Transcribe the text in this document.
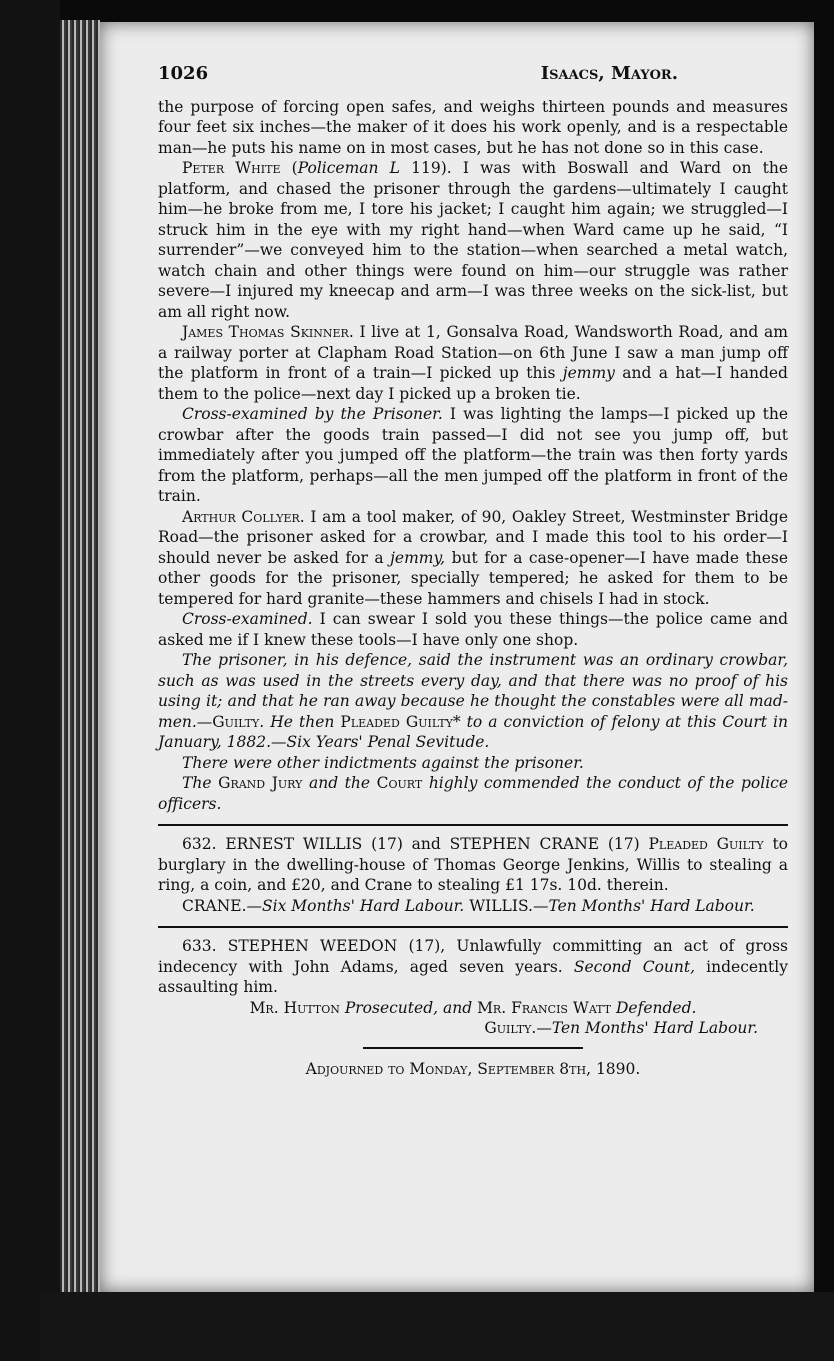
1026	Isaacs, Mayor.

the purpose of forcing open safes, and weighs thirteen pounds and measures four feet six inches—the maker of it does his work openly, and is a respectable man—he puts his name on in most cases, but he has not done so in this case.

Peter White (Policeman L 119). I was with Boswall and Ward on the platform, and chased the prisoner through the gardens—ultimately I caught him—he broke from me, I tore his jacket; I caught him again; we struggled—I struck him in the eye with my right hand—when Ward came up he said, “I surrender”—we conveyed him to the station—when searched a metal watch, watch chain and other things were found on him—our struggle was rather severe—I injured my kneecap and arm—I was three weeks on the sick-list, but am all right now.

James Thomas Skinner. I live at 1, Gonsalva Road, Wandsworth Road, and am a railway porter at Clapham Road Station—on 6th June I saw a man jump off the platform in front of a train—I picked up this jemmy and a hat—I handed them to the police—next day I picked up a broken tie.

Cross-examined by the Prisoner. I was lighting the lamps—I picked up the crowbar after the goods train passed—I did not see you jump off, but immediately after you jumped off the platform—the train was then forty yards from the platform, perhaps—all the men jumped off the platform in front of the train.

Arthur Collyer. I am a tool maker, of 90, Oakley Street, Westminster Bridge Road—the prisoner asked for a crowbar, and I made this tool to his order—I should never be asked for a jemmy, but for a case-opener—I have made these other goods for the prisoner, specially tempered; he asked for them to be tempered for hard granite—these hammers and chisels I had in stock.

Cross-examined. I can swear I sold you these things—the police came and asked me if I knew these tools—I have only one shop.

The prisoner, in his defence, said the instrument was an ordinary crowbar, such as was used in the streets every day, and that there was no proof of his using it; and that he ran away because he thought the constables were all mad-men.—Guilty. He then Pleaded Guilty* to a conviction of felony at this Court in January, 1882.—Six Years' Penal Sevitude.

There were other indictments against the prisoner.

The Grand Jury and the Court highly commended the conduct of the police officers.

632. ERNEST WILLIS (17) and STEPHEN CRANE (17) Pleaded Guilty to burglary in the dwelling-house of Thomas George Jenkins, Willis to stealing a ring, a coin, and £20, and Crane to stealing £1 17s. 10d. therein.

CRANE.—Six Months' Hard Labour. WILLIS.—Ten Months' Hard Labour.

633. STEPHEN WEEDON (17), Unlawfully committing an act of gross indecency with John Adams, aged seven years. Second Count, indecently assaulting him.

Mr. Hutton Prosecuted, and Mr. Francis Watt Defended.

Guilty.—Ten Months' Hard Labour.

Adjourned to Monday, September 8th, 1890.
